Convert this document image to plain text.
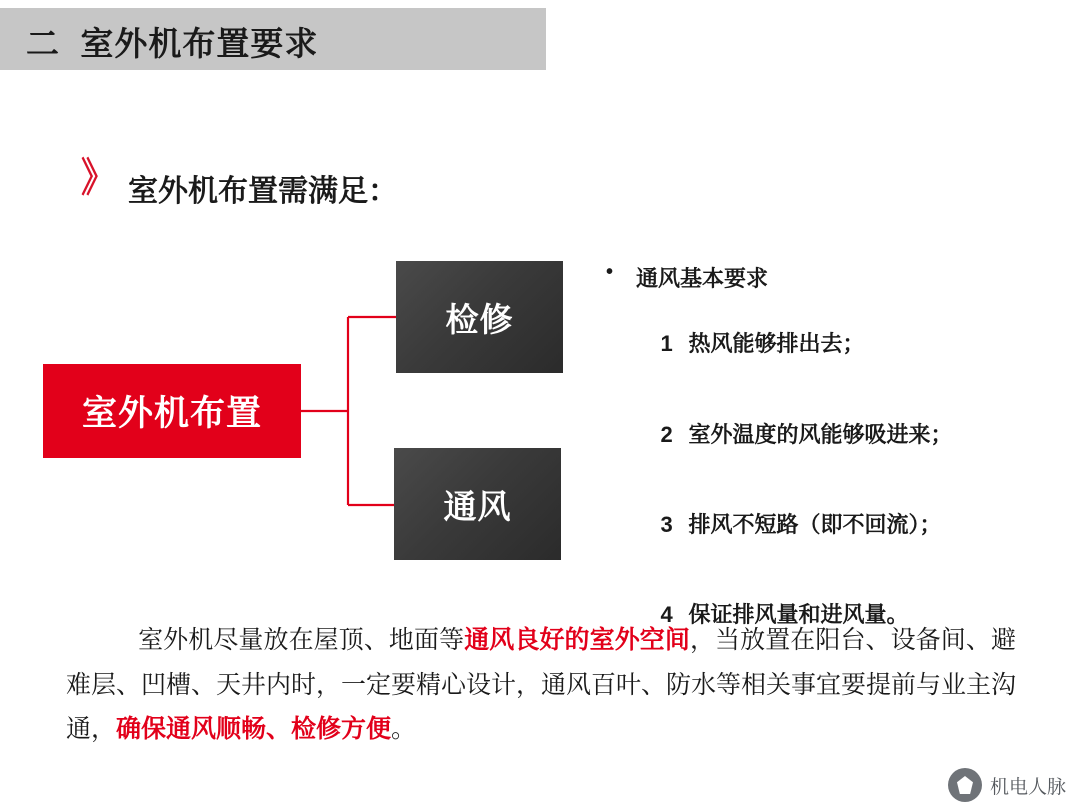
二  室外机布置要求
》 室外机布置需满足：
室外机布置
检修
通风
• 通风基本要求

1 热风能够排出去；

2 室外温度的风能够吸进来；

3 排风不短路（即不回流）；

4 保证排风量和进风量。

室外机尽量放在屋顶、地面等通风良好的室外空间，当放置在阳台、设备间、避难层、凹槽、天井内时，一定要精心设计，通风百叶、防水等相关事宜要提前与业主沟通，确保通风顺畅、检修方便。
机电人脉
